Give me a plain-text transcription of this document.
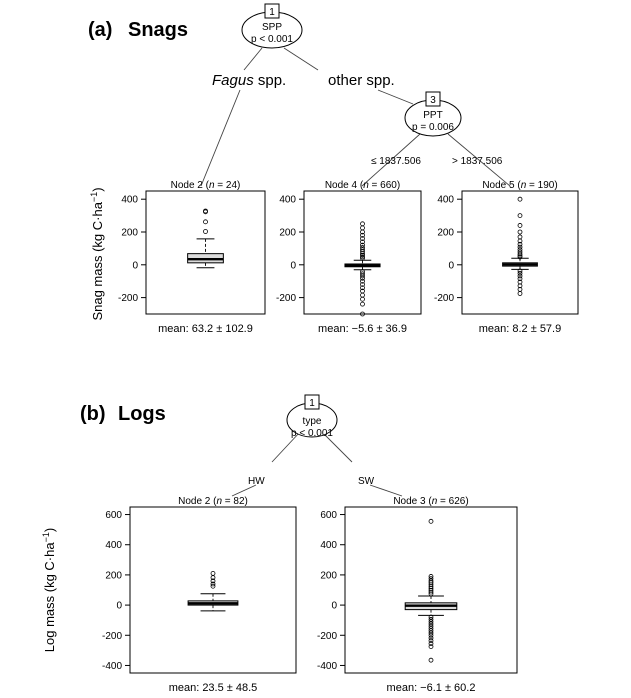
(a) Snags
1
SPP
p < 0.001
Fagus spp.	other spp.
3
PPT
p = 0.006
≤ 1837.506	> 1837.506
Snag mass (kg $C\cdot ha^{-1}$)	Node 2 (n = 24)
400
200
0
-200
mean: 63.2 ± 102.9
Node 4 (n = 660)
400
200
0
-200
mean: −5.6 ± 36.9
Node 5 (n = 190)
400
200
0
-200
mean: 8.2 ± 57.9
(b) Logs	1
type
p < 0.001
HW	SW
Log mass (kg $C\cdot ha^{-1}$)
Node 2 (n = 82)
600
400
200
0
-200
-400
mean: 23.5 ± 48.5
Node 3 (n = 626)
600
400
200
0
-200
-400
mean: −6.1 ± 60.2
